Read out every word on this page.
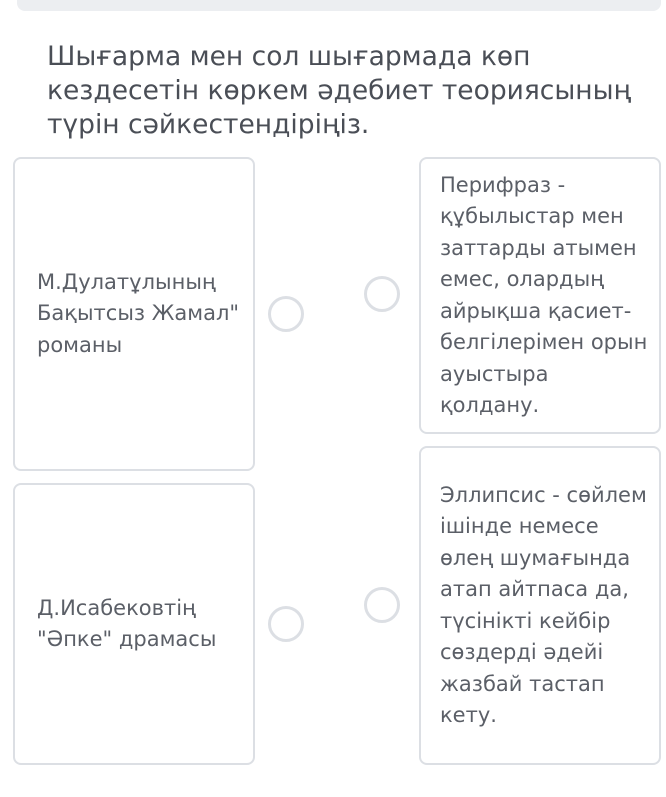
Шығарма мен сол шығармада көп кездесетін көркем әдебиет теориясының түрін сәйкестендіріңіз.
М.Дулатұлының Бақытсыз Жамал" романы
Перифраз - құбылыстар мен заттарды атымен емес, олардың айрықша қасиет-белгілерімен орын ауыстыра қолдану.
Д.Исабековтің "Әпке" драмасы
Эллипсис - сөйлем ішінде немесе өлең шумағында атап айтпаса да, түсінікті кейбір сөздерді әдейі жазбай тастап кету.
